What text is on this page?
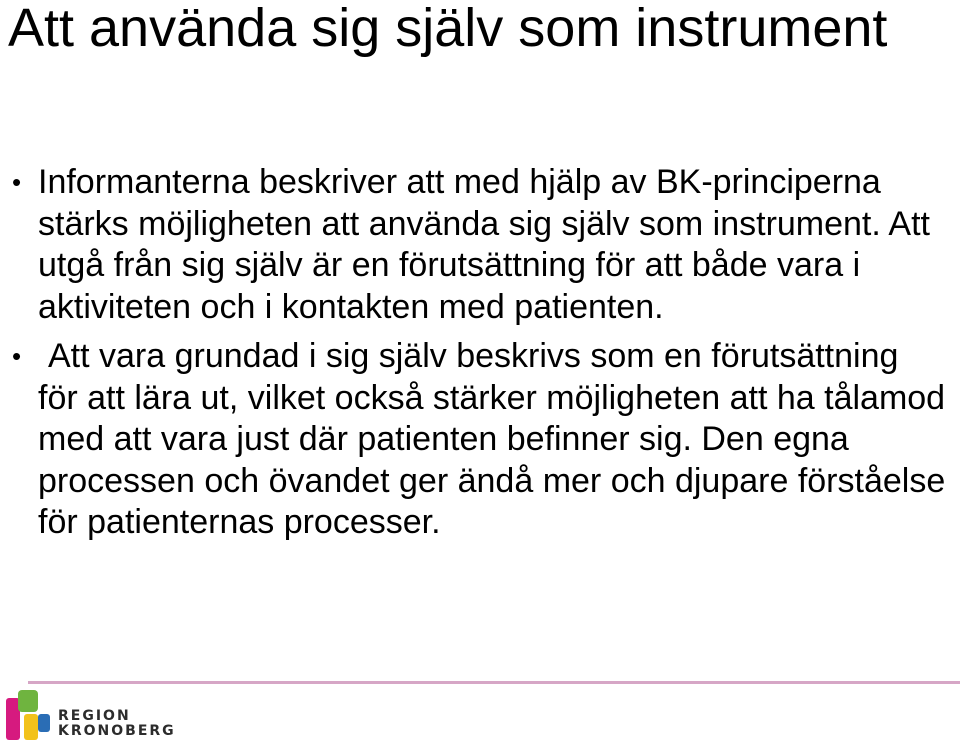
Att använda sig själv som instrument
• Informanterna beskriver att med hjälp av BK-principerna stärks möjligheten att använda sig själv som instrument. Att utgå från sig själv är en förutsättning för att både vara i aktiviteten och i kontakten med patienten.
• Att vara grundad i sig själv beskrivs som en förutsättning för att lära ut, vilket också stärker möjligheten att ha tålamod med att vara just där patienten befinner sig. Den egna processen och övandet ger ändå mer och djupare förståelse för patienternas processer.
REGION
KRONOBERG
